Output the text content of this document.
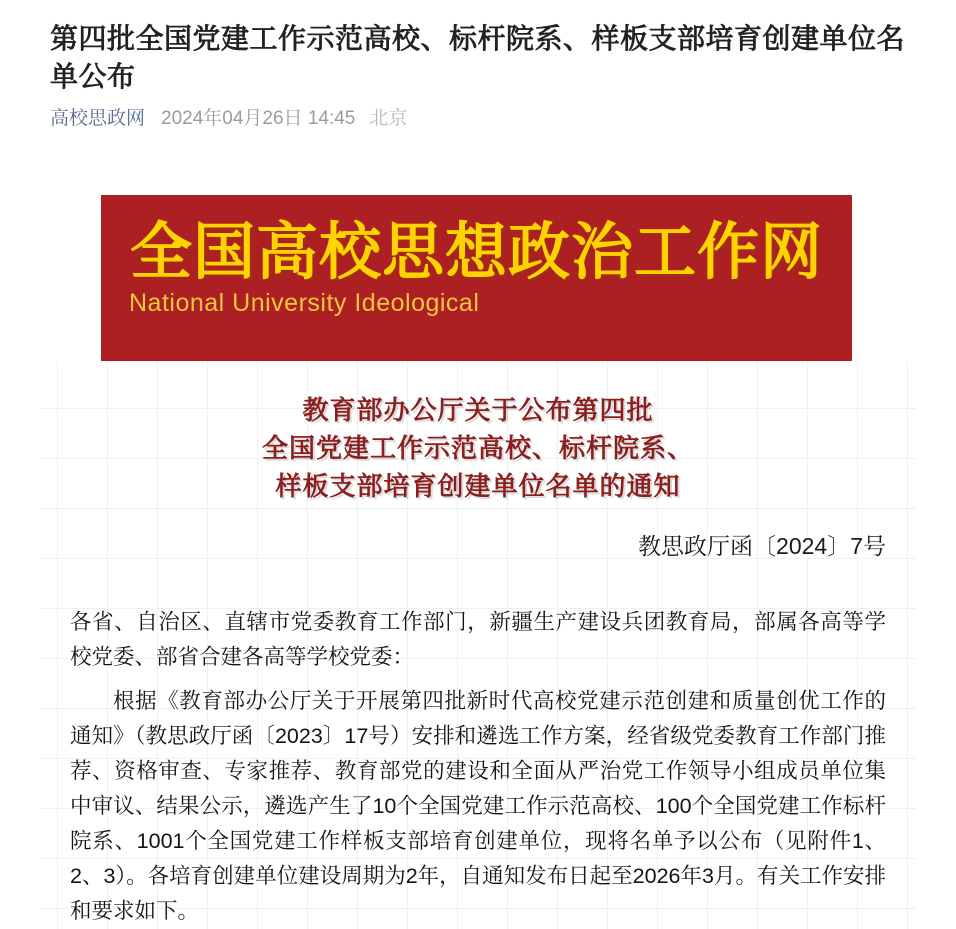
第四批全国党建工作示范高校、标杆院系、样板支部培育创建单位名单公布
高校思政网 2024年04月26日 14:45 北京
全国高校思想政治工作网
National University Ideological
教育部办公厅关于公布第四批
全国党建工作示范高校、标杆院系、
样板支部培育创建单位名单的通知
教思政厅函〔2024〕7号

各省、自治区、直辖市党委教育工作部门，新疆生产建设兵团教育局，部属各高等学校党委、部省合建各高等学校党委：

根据《教育部办公厅关于开展第四批新时代高校党建示范创建和质量创优工作的通知》（教思政厅函〔2023〕17号）安排和遴选工作方案，经省级党委教育工作部门推荐、资格审查、专家推荐、教育部党的建设和全面从严治党工作领导小组成员单位集中审议、结果公示，遴选产生了10个全国党建工作示范高校、100个全国党建工作标杆院系、1001个全国党建工作样板支部培育创建单位，现将名单予以公布（见附件1、2、3）。各培育创建单位建设周期为2年，自通知发布日起至2026年3月。有关工作安排和要求如下。
